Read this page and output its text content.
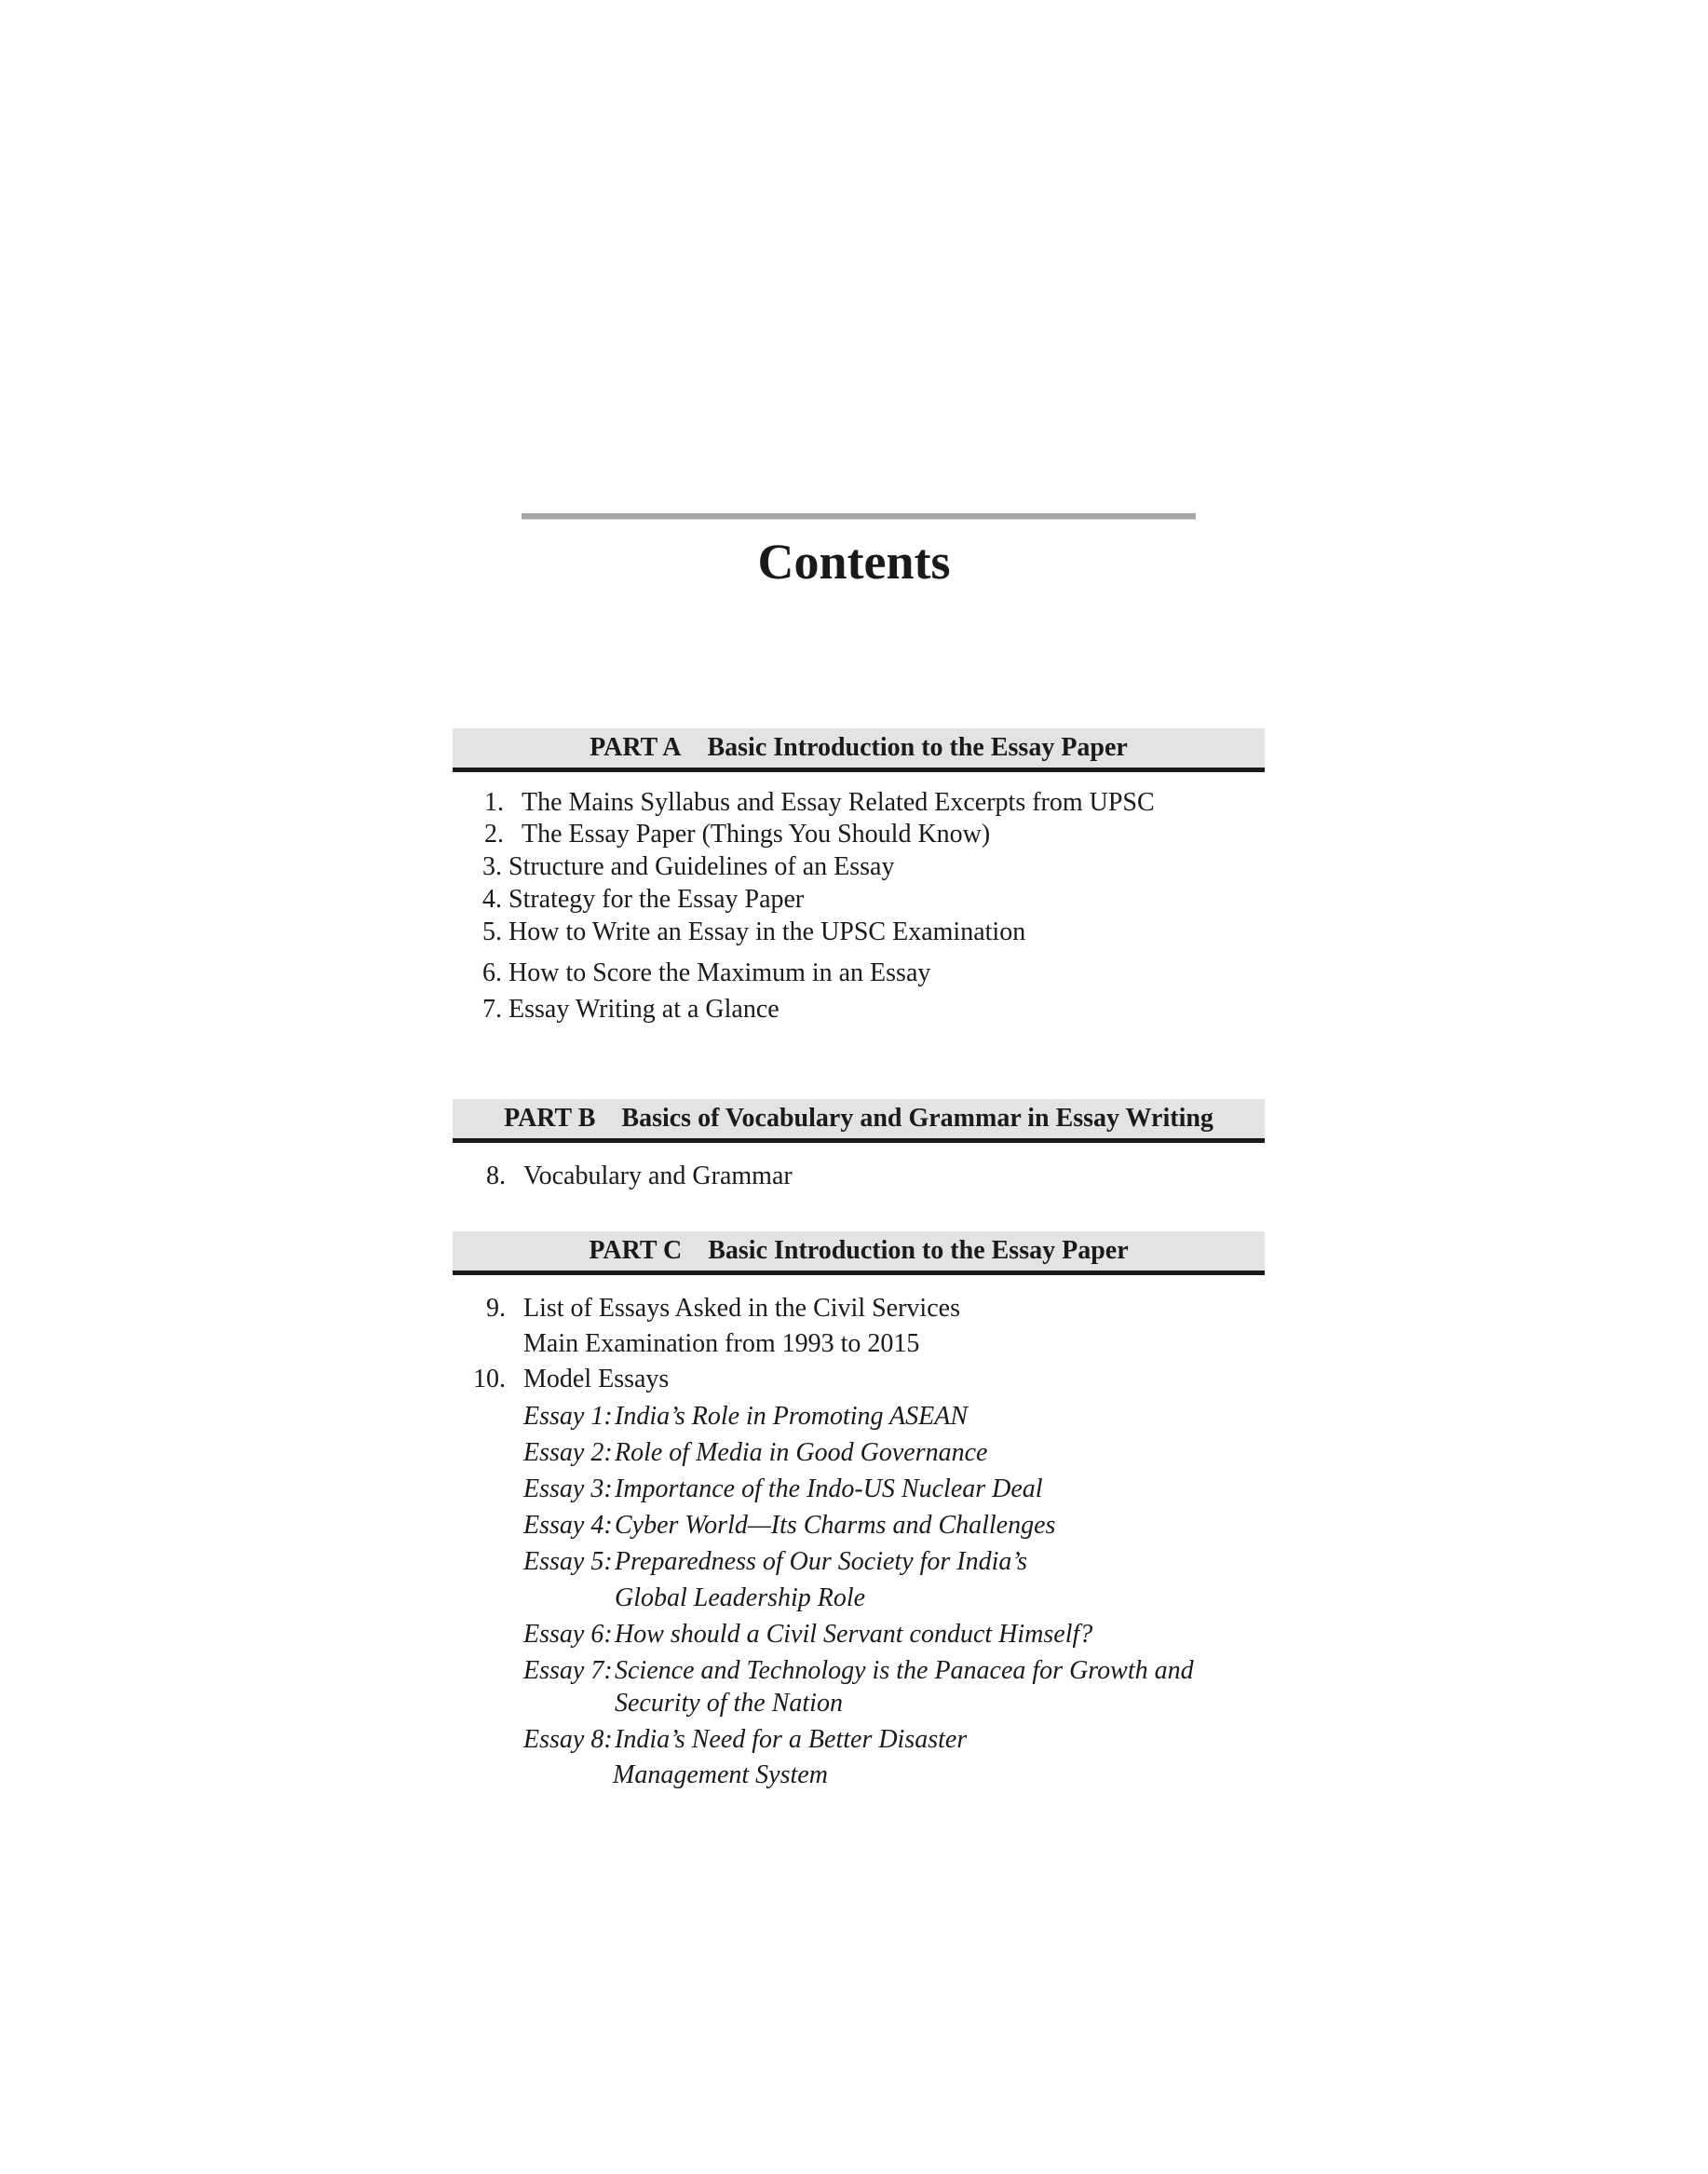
Contents
PART A Basic Introduction to the Essay Paper
1. The Mains Syllabus and Essay Related Excerpts from UPSC
2. The Essay Paper (Things You Should Know)
3. Structure and Guidelines of an Essay
4. Strategy for the Essay Paper
5. How to Write an Essay in the UPSC Examination
6. How to Score the Maximum in an Essay
7. Essay Writing at a Glance
PART B Basics of Vocabulary and Grammar in Essay Writing
8. Vocabulary and Grammar
PART C Basic Introduction to the Essay Paper
9. List of Essays Asked in the Civil Services
Main Examination from 1993 to 2015
10. Model Essays
Essay 1:India’s Role in Promoting ASEAN
Essay 2:Role of Media in Good Governance
Essay 3:Importance of the Indo-US Nuclear Deal
Essay 4:Cyber World—Its Charms and Challenges
Essay 5:Preparedness of Our Society for India’s
Global Leadership Role
Essay 6:How should a Civil Servant conduct Himself?
Essay 7:Science and Technology is the Panacea for Growth and
Security of the Nation
Essay 8:India’s Need for a Better Disaster
Management System
